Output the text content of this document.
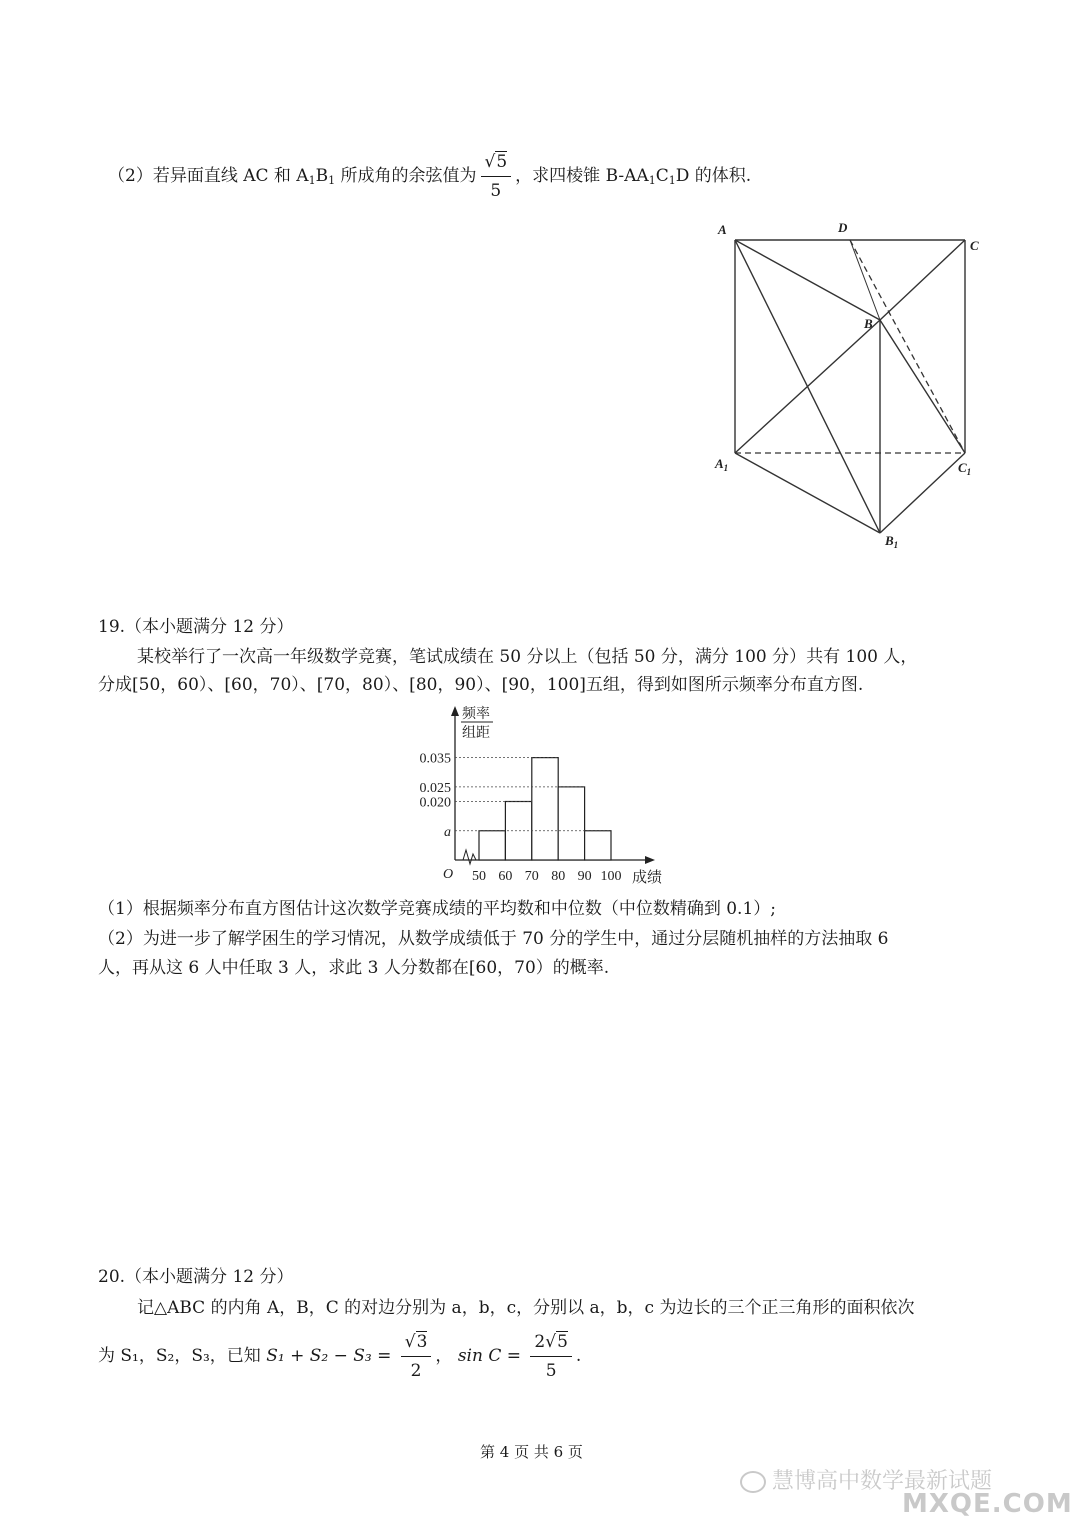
（2）若异面直线 AC 和 $A_1B_1$ 所成角的余弦值为 $\frac{√5}{5}$ ，求四棱锥 $B-AA_1C_1D$ 的体积.
A	D
C
B
$A_1$	$C_1$
$B_1$
19.（本小题满分 12 分）
某校举行了一次高一年级数学竞赛，笔试成绩在 50 分以上（包括 50 分，满分 100 分）共有 100 人，
分成[50，60）、[60，70）、[70，80）、[80，90）、[90，100]五组，得到如图所示频率分布直方图.
0.035
0.025
0.020
a
50 60 70 80 90 100
O	成绩
频率
组距
（1）根据频率分布直方图估计这次数学竞赛成绩的平均数和中位数（中位数精确到 0.1）;
（2）为进一步了解学困生的学习情况，从数学成绩低于 70 分的学生中，通过分层随机抽样的方法抽取 6
人，再从这 6 人中任取 3 人，求此 3 人分数都在[60，70）的概率.
20.（本小题满分 12 分）
记△ABC 的内角 A，B，C 的对边分别为 a，b，c，分别以 a，b，c 为边长的三个正三角形的面积依次
为 S₁，S₂，S₃，已知 $S_1 + S_2 - S_3 = \frac{√3}{2}$ ， $\sin C = \frac{2√5}{5}$ .
第 4 页 共 6 页
慧博高中数学最新试题
MXQE.COM
